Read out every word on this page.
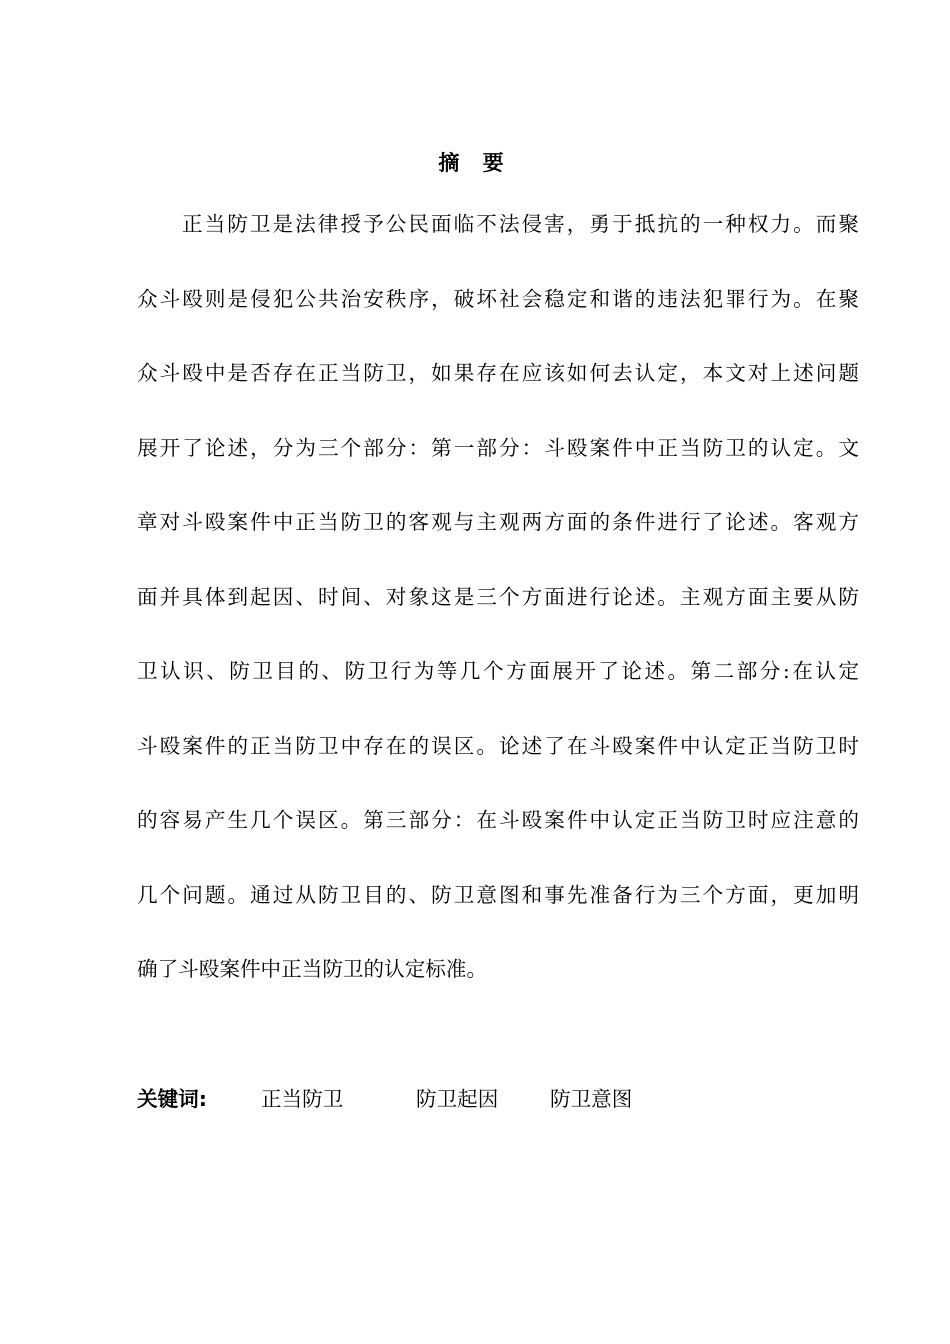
摘 要
正当防卫是法律授予公民面临不法侵害，勇于抵抗的一种权力。而聚
众斗殴则是侵犯公共治安秩序，破坏社会稳定和谐的违法犯罪行为。在聚
众斗殴中是否存在正当防卫，如果存在应该如何去认定，本文对上述问题
展开了论述，分为三个部分：第一部分：斗殴案件中正当防卫的认定。文
章对斗殴案件中正当防卫的客观与主观两方面的条件进行了论述。客观方
面并具体到起因、时间、对象这是三个方面进行论述。主观方面主要从防
卫认识、防卫目的、防卫行为等几个方面展开了论述。第二部分:在认定
斗殴案件的正当防卫中存在的误区。论述了在斗殴案件中认定正当防卫时
的容易产生几个误区。第三部分：在斗殴案件中认定正当防卫时应注意的
几个问题。通过从防卫目的、防卫意图和事先准备行为三个方面，更加明
确了斗殴案件中正当防卫的认定标准。
关键词:	正当防卫	防卫起因	防卫意图
